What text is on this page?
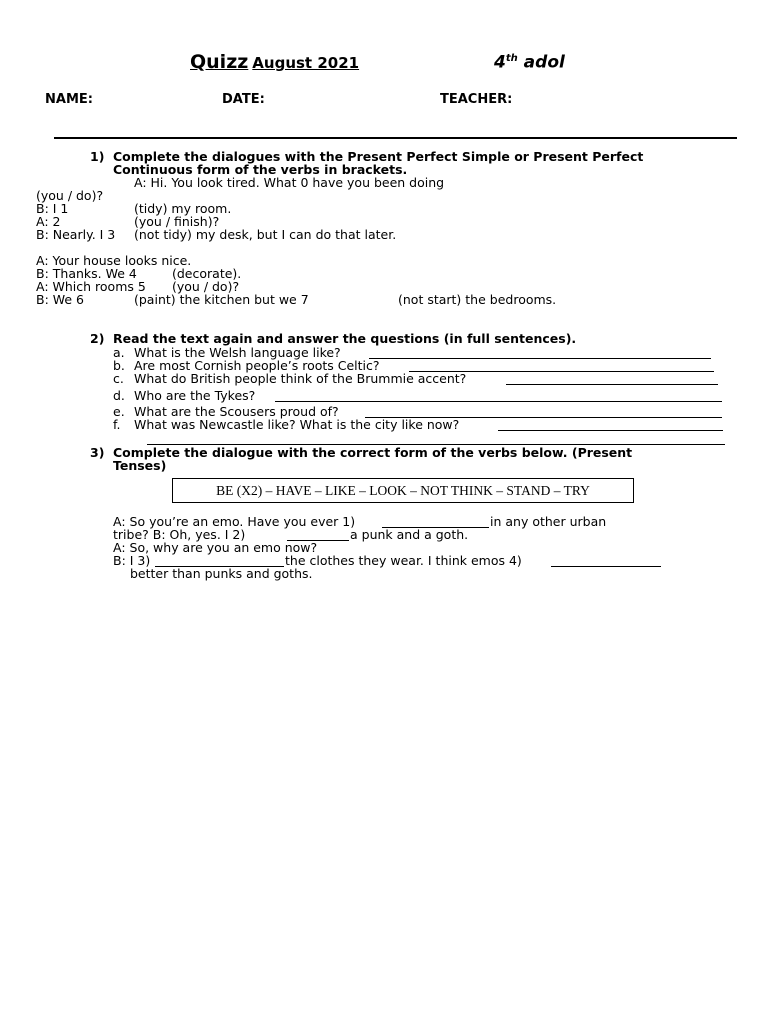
Quizz August 2021	4th adol
NAME:	DATE:	TEACHER:
1) Complete the dialogues with the Present Perfect Simple or Present Perfect
Continuous form of the verbs in brackets.
A: Hi. You look tired. What 0 have you been doing
(you / do)?
B: I 1	(tidy) my room.
A: 2	(you / finish)?
B: Nearly. I 3 (not tidy) my desk, but I can do that later.
A: Your house looks nice.
B: Thanks. We 4	(decorate).
A: Which rooms 5 (you / do)?
B: We 6	(paint) the kitchen but we 7	(not start) the bedrooms.
2) Read the text again and answer the questions (in full sentences).
a. What is the Welsh language like?
b. Are most Cornish people’s roots Celtic?
c. What do British people think of the Brummie accent?
d. Who are the Tykes?
e. What are the Scousers proud of?
f. What was Newcastle like? What is the city like now?
3) Complete the dialogue with the correct form of the verbs below. (Present
Tenses)
BE (X2) – HAVE – LIKE – LOOK – NOT THINK – STAND – TRY
A: So you’re an emo. Have you ever 1)	in any other urban
tribe? B: Oh, yes. I 2)	a punk and a goth.
A: So, why are you an emo now?
B: I 3)	the clothes they wear. I think emos 4)
better than punks and goths.
